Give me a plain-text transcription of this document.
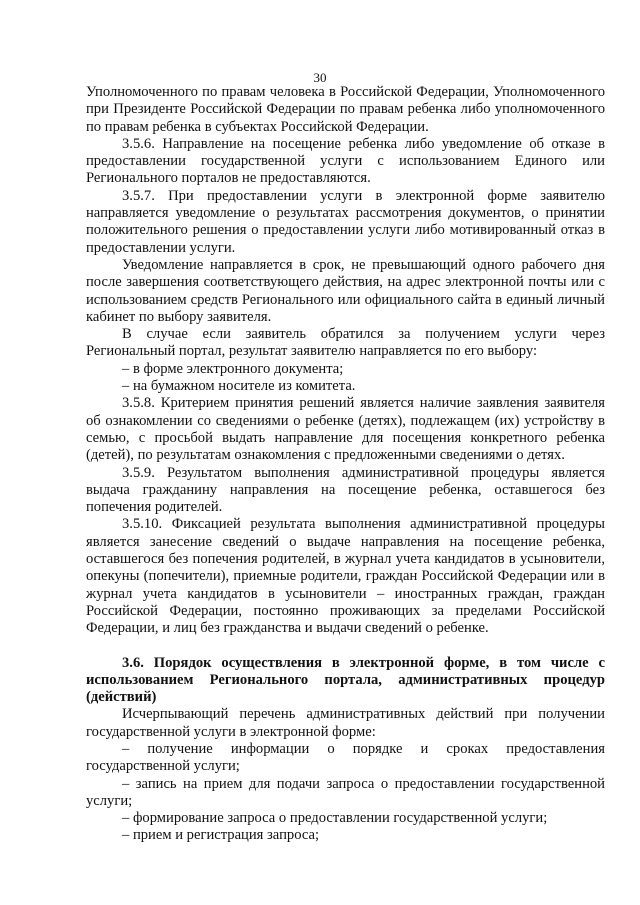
30

Уполномоченного по правам человека в Российской Федерации, Уполномоченного при Президенте Российской Федерации по правам ребенка либо уполномоченного по правам ребенка в субъектах Российской Федерации.

3.5.6. Направление на посещение ребенка либо уведомление об отказе в предоставлении государственной услуги с использованием Единого или Регионального порталов не предоставляются.

3.5.7. При предоставлении услуги в электронной форме заявителю направляется уведомление о результатах рассмотрения документов, о принятии положительного решения о предоставлении услуги либо мотивированный отказ в предоставлении услуги.

Уведомление направляется в срок, не превышающий одного рабочего дня после завершения соответствующего действия, на адрес электронной почты или с использованием средств Регионального или официального сайта в единый личный кабинет по выбору заявителя.

В случае если заявитель обратился за получением услуги через Региональный портал, результат заявителю направляется по его выбору:

– в форме электронного документа;

– на бумажном носителе из комитета.

3.5.8. Критерием принятия решений является наличие заявления заявителя об ознакомлении со сведениями о ребенке (детях), подлежащем (их) устройству в семью, с просьбой выдать направление для посещения конкретного ребенка (детей), по результатам ознакомления с предложенными сведениями о детях.

3.5.9. Результатом выполнения административной процедуры является выдача гражданину направления на посещение ребенка, оставшегося без попечения родителей.

3.5.10. Фиксацией результата выполнения административной процедуры является занесение сведений о выдаче направления на посещение ребенка, оставшегося без попечения родителей, в журнал учета кандидатов в усыновители, опекуны (попечители), приемные родители, граждан Российской Федерации или в журнал учета кандидатов в усыновители – иностранных граждан, граждан Российской Федерации, постоянно проживающих за пределами Российской Федерации, и лиц без гражданства и выдачи сведений о ребенке.

3.6. Порядок осуществления в электронной форме, в том числе с использованием Регионального портала, административных процедур (действий)

Исчерпывающий перечень административных действий при получении государственной услуги в электронной форме:

– получение информации о порядке и сроках предоставления государственной услуги;

– запись на прием для подачи запроса о предоставлении государственной услуги;

– формирование запроса о предоставлении государственной услуги;

– прием и регистрация запроса;
